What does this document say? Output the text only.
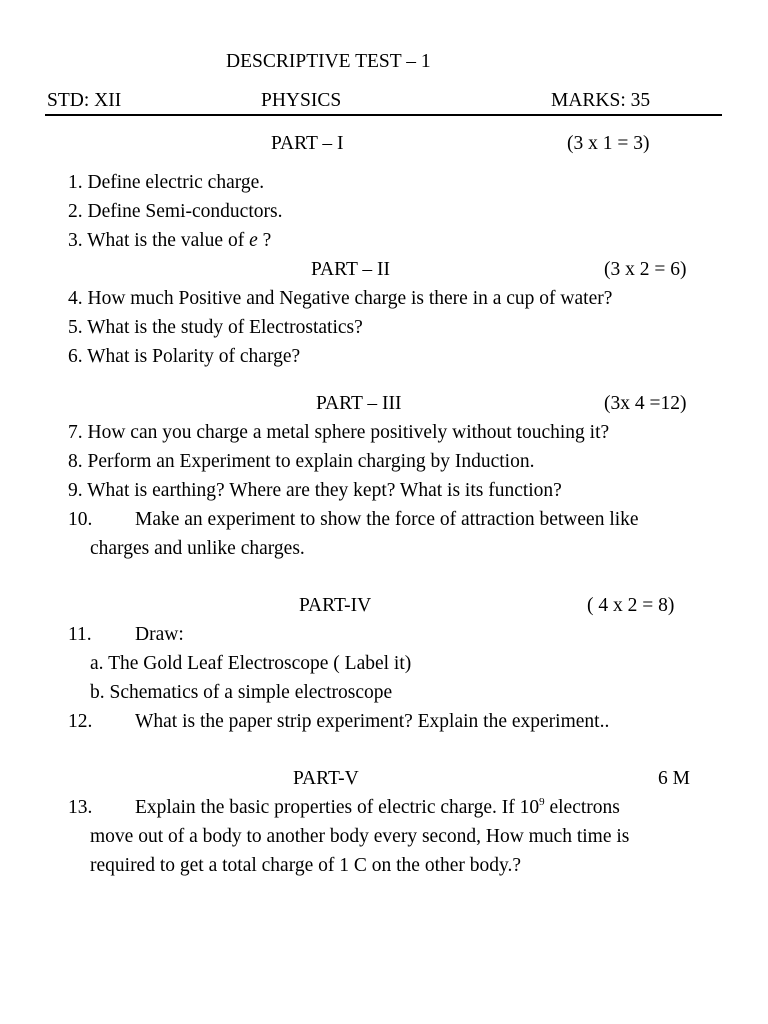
DESCRIPTIVE TEST – 1
STD: XII	PHYSICS	MARKS: 35
PART – I	(3 x 1 = 3)
1. Define electric charge.
2. Define Semi-conductors.
3. What is the value of e ?
PART – II	(3 x 2 = 6)
4. How much Positive and Negative charge is there in a cup of water?
5. What is the study of Electrostatics?
6. What is Polarity of charge?
PART – III	(3x 4 =12)
7. How can you charge a metal sphere positively without touching it?
8. Perform an Experiment to explain charging by Induction.
9. What is earthing? Where are they kept? What is its function?
10. Make an experiment to show the force of attraction between like
charges and unlike charges.
PART-IV	( 4 x 2 = 8)
11. Draw:
a. The Gold Leaf Electroscope ( Label it)
b. Schematics of a simple electroscope
12. What is the paper strip experiment? Explain the experiment..
PART-V	6 M
13. Explain the basic properties of electric charge. If $10^9$ electrons
move out of a body to another body every second, How much time is
required to get a total charge of 1 C on the other body.?
